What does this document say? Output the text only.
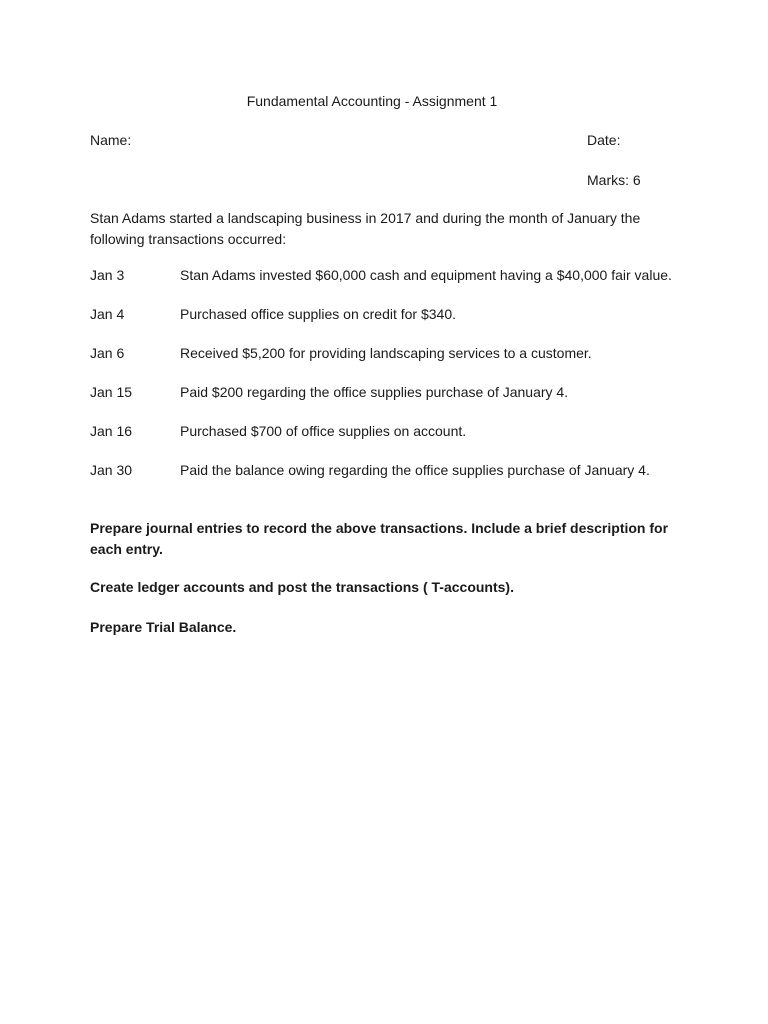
Fundamental Accounting - Assignment 1
Name:	Date:
Marks: 6
Stan Adams started a landscaping business in 2017 and during the month of January the following transactions occurred:
Jan 3	Stan Adams invested $60,000 cash and equipment having a $40,000 fair value.
Jan 4	Purchased office supplies on credit for $340.
Jan 6	Received $5,200 for providing landscaping services to a customer.
Jan 15	Paid $200 regarding the office supplies purchase of January 4.
Jan 16	Purchased $700 of office supplies on account.
Jan 30	Paid the balance owing regarding the office supplies purchase of January 4.
Prepare journal entries to record the above transactions. Include a brief description for each entry.
Create ledger accounts and post the transactions ( T-accounts).
Prepare Trial Balance.
